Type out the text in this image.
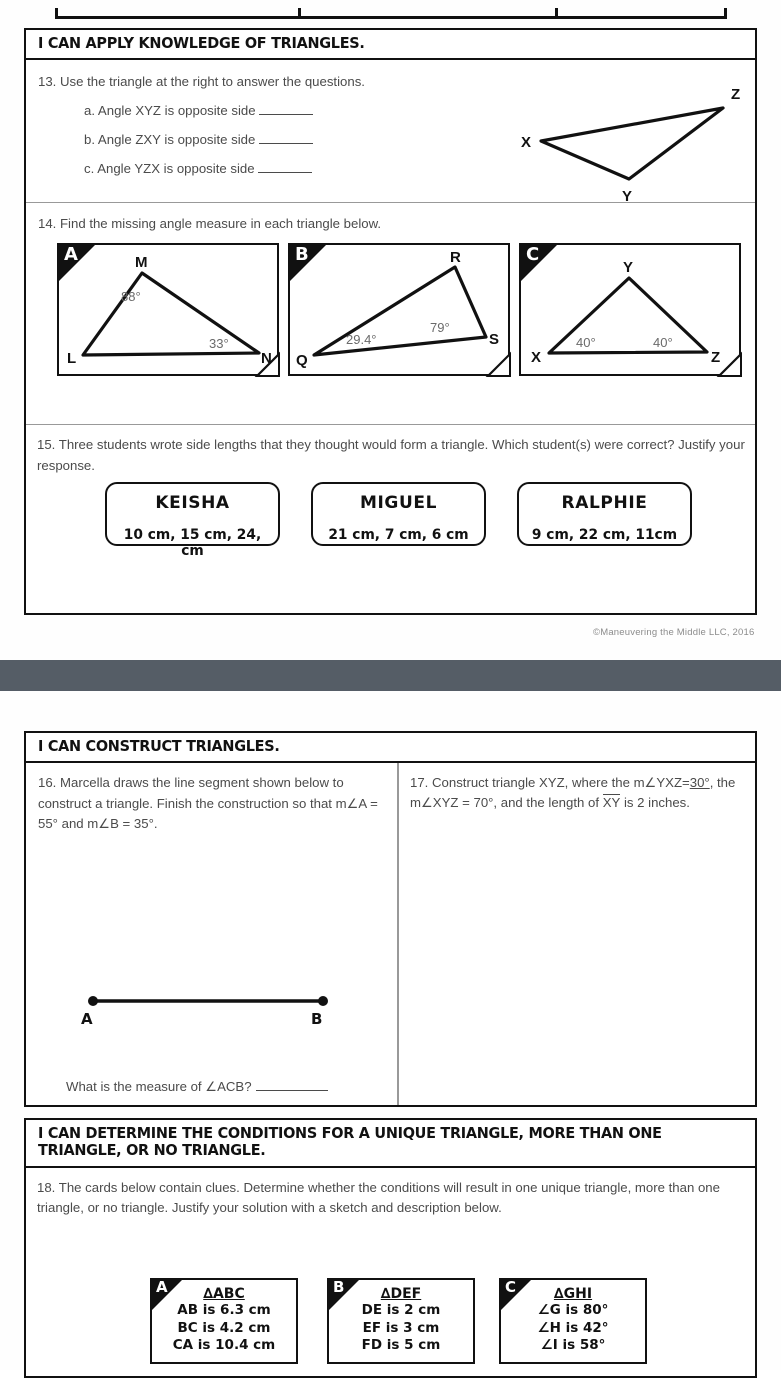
I CAN APPLY KNOWLEDGE OF TRIANGLES.
13. Use the triangle at the right to answer the questions.
a. Angle XYZ is opposite side
b. Angle ZXY is opposite side
c. Angle YZX is opposite side
X
Y
Z
14. Find the missing angle measure in each triangle below.
A
L
M
N
88°
33°
B
Q
R
S
29.4°
79°
C
X
Y
Z
40°	40°
15. Three students wrote side lengths that they thought would form a triangle. Which student(s) were correct? Justify your response.
KEISHA
10 cm, 15 cm, 24, cm
MIGUEL
21 cm, 7 cm, 6 cm
RALPHIE
9 cm, 22 cm, 11cm
©Maneuvering the Middle LLC, 2016
I CAN CONSTRUCT TRIANGLES.
16. Marcella draws the line segment shown below to construct a triangle. Finish the construction so that m∠A = 55° and m∠B = 35°.
A	B
What is the measure of ∠ACB?
17. Construct triangle XYZ, where the m∠YXZ=30°, the m∠XYZ = 70°, and the length of XY is 2 inches.
I CAN DETERMINE THE CONDITIONS FOR A UNIQUE TRIANGLE, MORE THAN ONE TRIANGLE, OR NO TRIANGLE.
18. The cards below contain clues. Determine whether the conditions will result in one unique triangle, more than one triangle, or no triangle. Justify your solution with a sketch and description below.
A	∆ABC
AB is 6.3 cm
BC is 4.2 cm
CA is 10.4 cm
B	∆DEF
DE is 2 cm
EF is 3 cm
FD is 5 cm
C	∆GHI
∠G is 80°
∠H is 42°
∠I is 58°
